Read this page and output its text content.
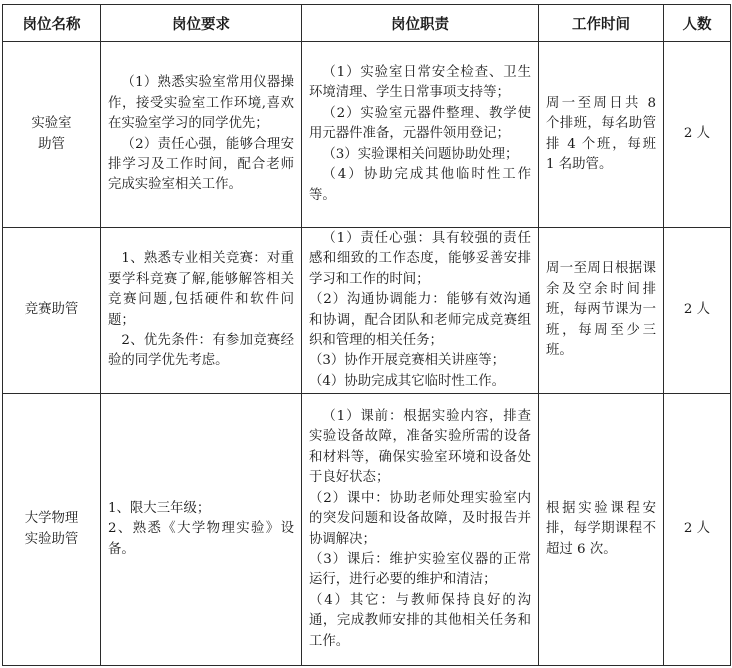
岗位名称	岗位要求	岗位职责	工作时间	人数

实验室助管	（1）熟悉实验室常用仪器操作，接受实验室工作环境,喜欢在实验室学习的同学优先；
（2）责任心强，能够合理安排学习及工作时间，配合老师完成实验室相关工作。	（1）实验室日常安全检查、卫生环境清理、学生日常事项支持等；
（2）实验室元器件整理、教学使用元器件准备，元器件领用登记；
（3）实验课相关问题协助处理；
（4）协助完成其他临时性工作等。	周一至周日共 8 个排班，每名助管排 4 个班，每班 1 名助管。	2 人
竞赛助管	1、熟悉专业相关竞赛：对重要学科竞赛了解,能够解答相关竞赛问题,包括硬件和软件问题；
2、优先条件：有参加竞赛经验的同学优先考虑。	（1）责任心强：具有较强的责任感和细致的工作态度，能够妥善安排学习和工作的时间；
（2）沟通协调能力：能够有效沟通和协调，配合团队和老师完成竞赛组织和管理的相关任务；
（3）协作开展竞赛相关讲座等；
（4）协助完成其它临时性工作。	周一至周日根据课余及空余时间排班，每两节课为一班，每周至少三班。	2 人

大学物理实验助管	1、限大三年级；
2、熟悉《大学物理实验》设备。	（1）课前：根据实验内容，排查实验设备故障，准备实验所需的设备和材料等，确保实验室环境和设备处于良好状态；
（2）课中：协助老师处理实验室内的突发问题和设备故障，及时报告并协调解决；
（3）课后：维护实验室仪器的正常运行，进行必要的维护和清洁；
（4）其它：与教师保持良好的沟通，完成教师安排的其他相关任务和工作。	根据实验课程安排，每学期课程不超过 6 次。	2 人
